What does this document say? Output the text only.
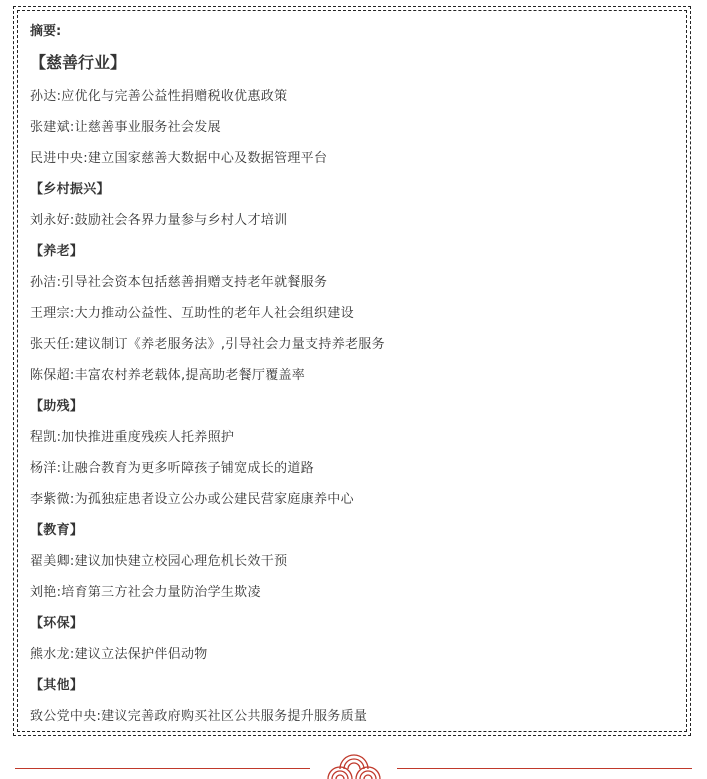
摘要:
【慈善行业】
孙达:应优化与完善公益性捐赠税收优惠政策
张建斌:让慈善事业服务社会发展
民进中央:建立国家慈善大数据中心及数据管理平台
【乡村振兴】
刘永好:鼓励社会各界力量参与乡村人才培训
【养老】
孙洁:引导社会资本包括慈善捐赠支持老年就餐服务
王理宗:大力推动公益性、互助性的老年人社会组织建设
张天任:建议制订《养老服务法》,引导社会力量支持养老服务
陈保超:丰富农村养老载体,提高助老餐厅覆盖率
【助残】
程凯:加快推进重度残疾人托养照护
杨洋:让融合教育为更多听障孩子铺宽成长的道路
李紫微:为孤独症患者设立公办或公建民营家庭康养中心
【教育】
翟美卿:建议加快建立校园心理危机长效干预
刘艳:培育第三方社会力量防治学生欺凌
【环保】
熊水龙:建议立法保护伴侣动物
【其他】
致公党中央:建议完善政府购买社区公共服务提升服务质量
